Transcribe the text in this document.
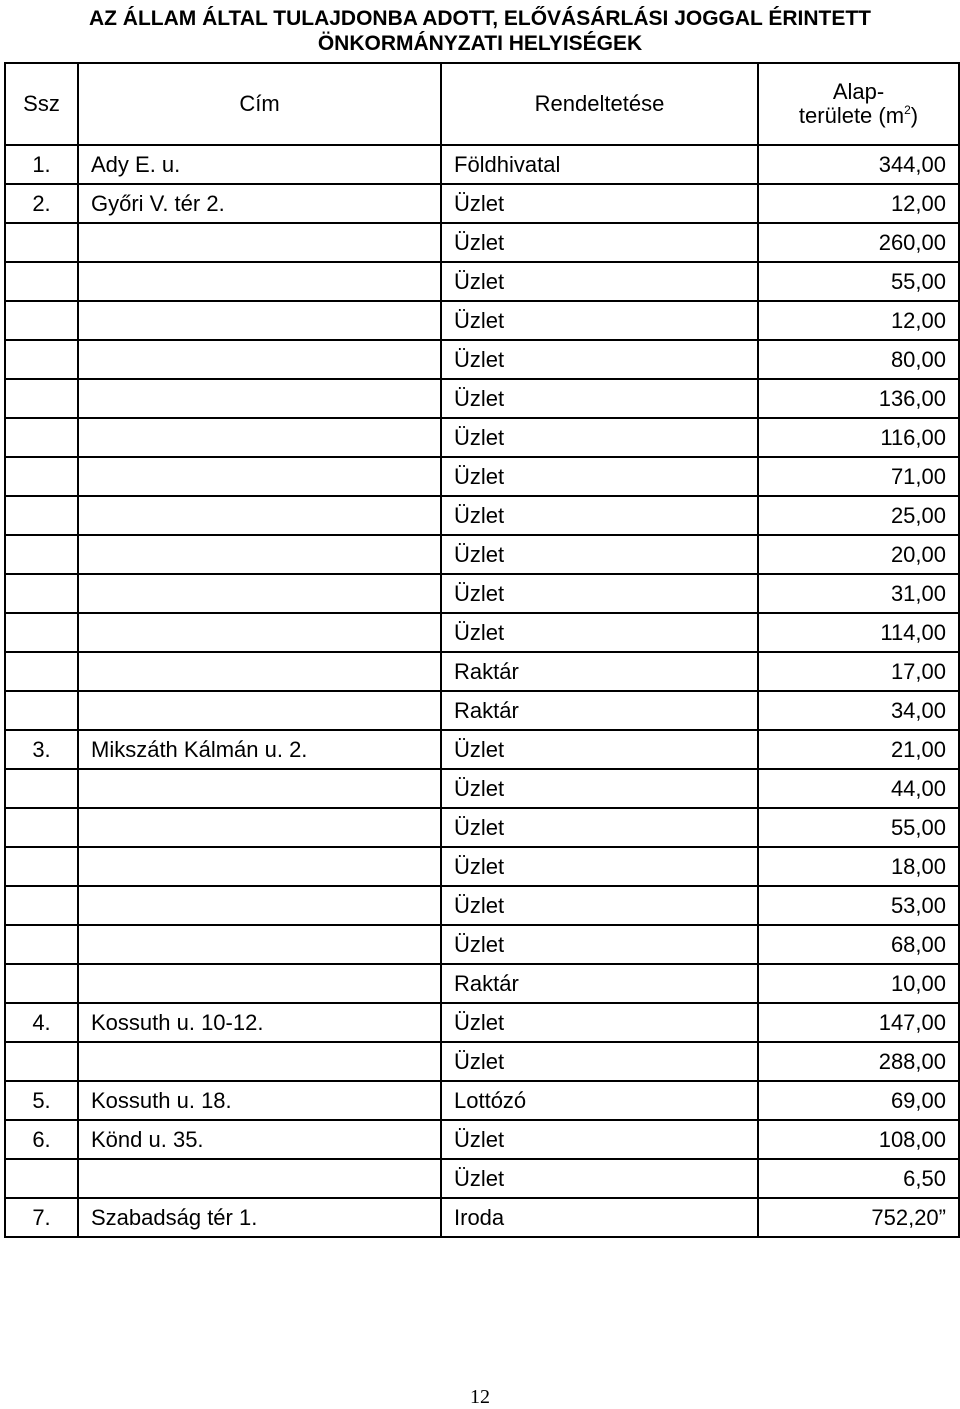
AZ ÁLLAM ÁLTAL TULAJDONBA ADOTT, ELŐVÁSÁRLÁSI JOGGAL ÉRINTETT
ÖNKORMÁNYZATI HELYISÉGEK
Ssz	Cím	Rendeltetése	Alap-
területe $(m^2)$
1.	Ady E. u.	Földhivatal	344,00
2.	Győri V. tér 2.	Üzlet	12,00
		Üzlet	260,00
		Üzlet	55,00
		Üzlet	12,00
		Üzlet	80,00
		Üzlet	136,00
		Üzlet	116,00
		Üzlet	71,00
		Üzlet	25,00
		Üzlet	20,00
		Üzlet	31,00
		Üzlet	114,00
		Raktár	17,00
		Raktár	34,00
3.	Mikszáth Kálmán u. 2.	Üzlet	21,00
		Üzlet	44,00
		Üzlet	55,00
		Üzlet	18,00
		Üzlet	53,00
		Üzlet	68,00
		Raktár	10,00
4.	Kossuth u. 10-12.	Üzlet	147,00
		Üzlet	288,00
5.	Kossuth u. 18.	Lottózó	69,00
6.	Könd u. 35.	Üzlet	108,00
		Üzlet	6,50
7.	Szabadság tér 1.	Iroda	752,20”
12
